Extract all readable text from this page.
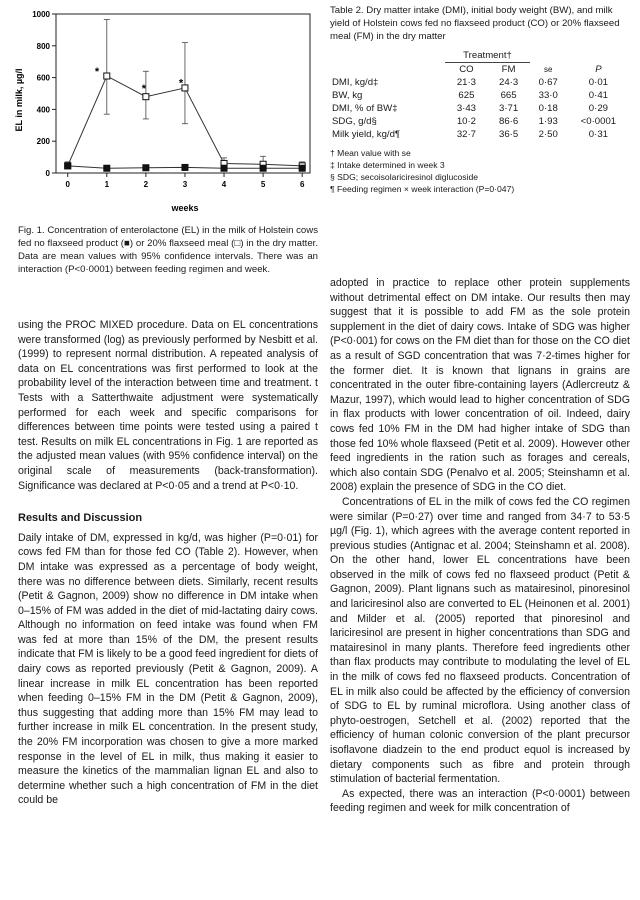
0
200
400
600
800
1000
0	1	2	3	4	5	6
*
*	*
EL in milk, µg/l
weeks
Fig. 1. Concentration of enterolactone (EL) in the milk of Holstein cows fed no flaxseed product (■) or 20% flaxseed meal (□) in the dry matter. Data are mean values with 95% confidence intervals. There was an interaction (P<0·0001) between feeding regimen and week.
Table 2. Dry matter intake (DMI), initial body weight (BW), and milk yield of Holstein cows fed no flaxseed product (CO) or 20% flaxseed meal (FM) in the dry matter
	Treatment†			
	CO	FM	se	P
DMI, kg/d‡	21·3	24·3	0·67	0·01
BW, kg	625	665	33·0	0·41
DMI, % of BW‡	3·43	3·71	0·18	0·29
SDG, g/d§	10·2	86·6	1·93	<0·0001
Milk yield, kg/d¶	32·7	36·5	2·50	0·31
† Mean value with se
‡ Intake determined in week 3
§ SDG; secoisolariciresinol diglucoside
¶ Feeding regimen × week interaction (P=0·047)

using the PROC MIXED procedure. Data on EL concentrations were transformed (log) as previously performed by Nesbitt et al. (1999) to represent normal distribution. A repeated analysis of data on EL concentrations was first performed to look at the probability level of the interaction between time and treatment. t Tests with a Satterthwaite adjustment were systematically performed for each week and specific comparisons for differences between time points were tested using a paired t test. Results on milk EL concentrations in Fig. 1 are reported as the adjusted mean values (with 95% confidence interval) on the original scale of measurements (back-transformation). Significance was declared at P<0·05 and a trend at P<0·10.

Results and Discussion

Daily intake of DM, expressed in kg/d, was higher (P=0·01) for cows fed FM than for those fed CO (Table 2). However, when DM intake was expressed as a percentage of body weight, there was no difference between diets. Similarly, recent results (Petit & Gagnon, 2009) show no difference in DM intake when 0–15% of FM was added in the diet of mid-lactating dairy cows. Although no information on feed intake was found when FM was fed at more than 15% of the DM, the present results indicate that FM is likely to be a good feed ingredient for diets of dairy cows as reported previously (Petit & Gagnon, 2009). A linear increase in milk EL concentration has been reported when feeding 0–15% FM in the DM (Petit & Gagnon, 2009), thus suggesting that adding more than 15% FM may lead to further increase in milk EL concentration. In the present study, the 20% FM incorporation was chosen to give a more marked response in the level of EL in milk, thus making it easier to measure the kinetics of the mammalian lignan EL and also to determine whether such a high concentration of FM in the diet could be

adopted in practice to replace other protein supplements without detrimental effect on DM intake. Our results then may suggest that it is possible to add FM as the sole protein supplement in the diet of dairy cows. Intake of SDG was higher (P<0·001) for cows on the FM diet than for those on the CO diet as a result of SGD concentration that was 7·2-times higher for the former diet. It is known that lignans in grains are concentrated in the outer fibre-containing layers (Adlercreutz & Mazur, 1997), which would lead to higher concentration of SDG in flax products with lower concentration of oil. Indeed, dairy cows fed 10% FM in the DM had higher intake of SDG than those fed 10% whole flaxseed (Petit et al. 2009). However other feed ingredients in the ration such as forages and cereals, which also contain SDG (Penalvo et al. 2005; Steinshamn et al. 2008) explain the presence of SDG in the CO diet.

Concentrations of EL in the milk of cows fed the CO regimen were similar (P=0·27) over time and ranged from 34·7 to 53·5 µg/l (Fig. 1), which agrees with the average content reported in previous studies (Antignac et al. 2004; Steinshamn et al. 2008). On the other hand, lower EL concentrations have been observed in the milk of cows fed no flaxseed product (Petit & Gagnon, 2009). Plant lignans such as matairesinol, pinoresinol and lariciresinol also are converted to EL (Heinonen et al. 2001) and Milder et al. (2005) reported that pinoresinol and lariciresinol are present in higher concentrations than SDG and matairesinol in many plants. Therefore feed ingredients other than flax products may contribute to modulating the level of EL in the milk of cows fed no flaxseed products. Concentration of EL in milk also could be affected by the efficiency of conversion of SDG to EL by ruminal microflora. Using another class of phyto-oestrogen, Setchell et al. (2002) reported that the efficiency of human colonic conversion of the plant precursor isoflavone diadzein to the end product equol is increased by dietary components such as fibre and protein through stimulation of bacterial fermentation.

As expected, there was an interaction (P<0·0001) between feeding regimen and week for milk concentration of
